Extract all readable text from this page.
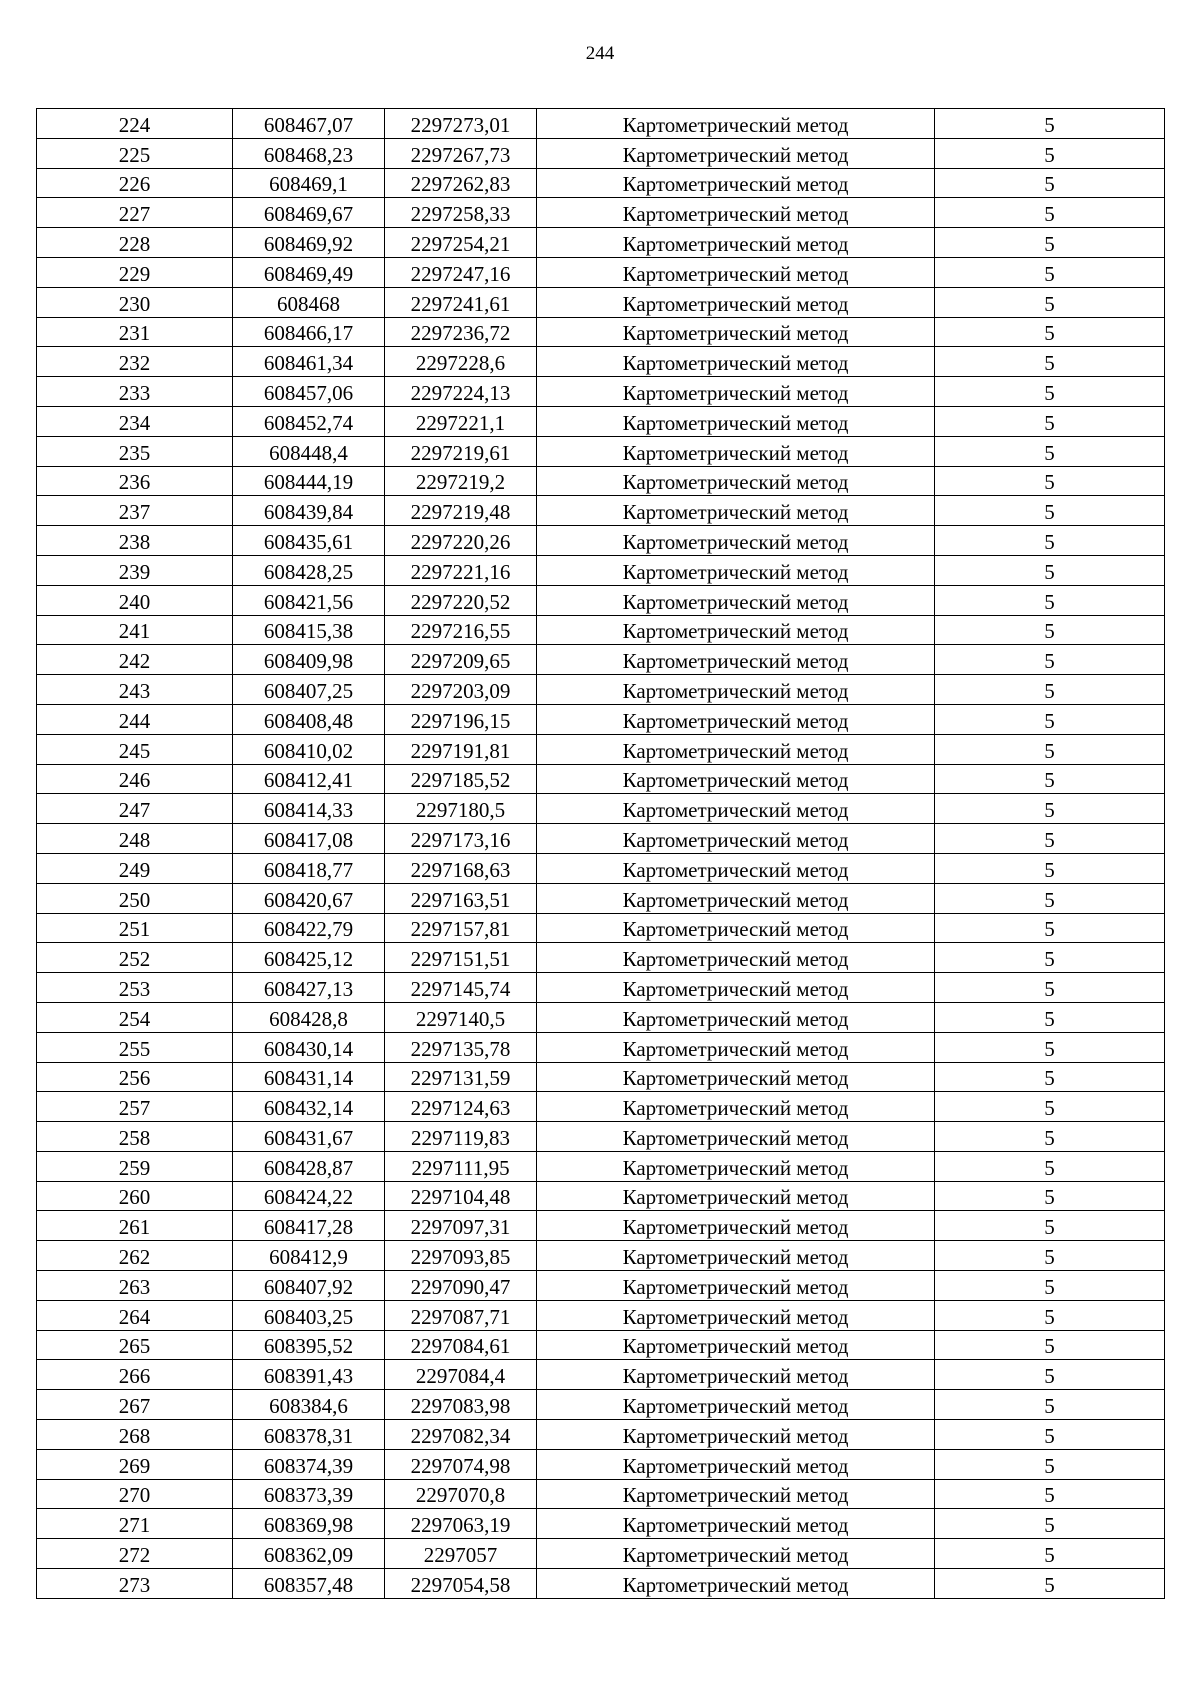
244
224	608467,07	2297273,01	Картометрический метод	5
225	608468,23	2297267,73	Картометрический метод	5
226	608469,1	2297262,83	Картометрический метод	5
227	608469,67	2297258,33	Картометрический метод	5
228	608469,92	2297254,21	Картометрический метод	5
229	608469,49	2297247,16	Картометрический метод	5
230	608468	2297241,61	Картометрический метод	5
231	608466,17	2297236,72	Картометрический метод	5
232	608461,34	2297228,6	Картометрический метод	5
233	608457,06	2297224,13	Картометрический метод	5
234	608452,74	2297221,1	Картометрический метод	5
235	608448,4	2297219,61	Картометрический метод	5
236	608444,19	2297219,2	Картометрический метод	5
237	608439,84	2297219,48	Картометрический метод	5
238	608435,61	2297220,26	Картометрический метод	5
239	608428,25	2297221,16	Картометрический метод	5
240	608421,56	2297220,52	Картометрический метод	5
241	608415,38	2297216,55	Картометрический метод	5
242	608409,98	2297209,65	Картометрический метод	5
243	608407,25	2297203,09	Картометрический метод	5
244	608408,48	2297196,15	Картометрический метод	5
245	608410,02	2297191,81	Картометрический метод	5
246	608412,41	2297185,52	Картометрический метод	5
247	608414,33	2297180,5	Картометрический метод	5
248	608417,08	2297173,16	Картометрический метод	5
249	608418,77	2297168,63	Картометрический метод	5
250	608420,67	2297163,51	Картометрический метод	5
251	608422,79	2297157,81	Картометрический метод	5
252	608425,12	2297151,51	Картометрический метод	5
253	608427,13	2297145,74	Картометрический метод	5
254	608428,8	2297140,5	Картометрический метод	5
255	608430,14	2297135,78	Картометрический метод	5
256	608431,14	2297131,59	Картометрический метод	5
257	608432,14	2297124,63	Картометрический метод	5
258	608431,67	2297119,83	Картометрический метод	5
259	608428,87	2297111,95	Картометрический метод	5
260	608424,22	2297104,48	Картометрический метод	5
261	608417,28	2297097,31	Картометрический метод	5
262	608412,9	2297093,85	Картометрический метод	5
263	608407,92	2297090,47	Картометрический метод	5
264	608403,25	2297087,71	Картометрический метод	5
265	608395,52	2297084,61	Картометрический метод	5
266	608391,43	2297084,4	Картометрический метод	5
267	608384,6	2297083,98	Картометрический метод	5
268	608378,31	2297082,34	Картометрический метод	5
269	608374,39	2297074,98	Картометрический метод	5
270	608373,39	2297070,8	Картометрический метод	5
271	608369,98	2297063,19	Картометрический метод	5
272	608362,09	2297057	Картометрический метод	5
273	608357,48	2297054,58	Картометрический метод	5
